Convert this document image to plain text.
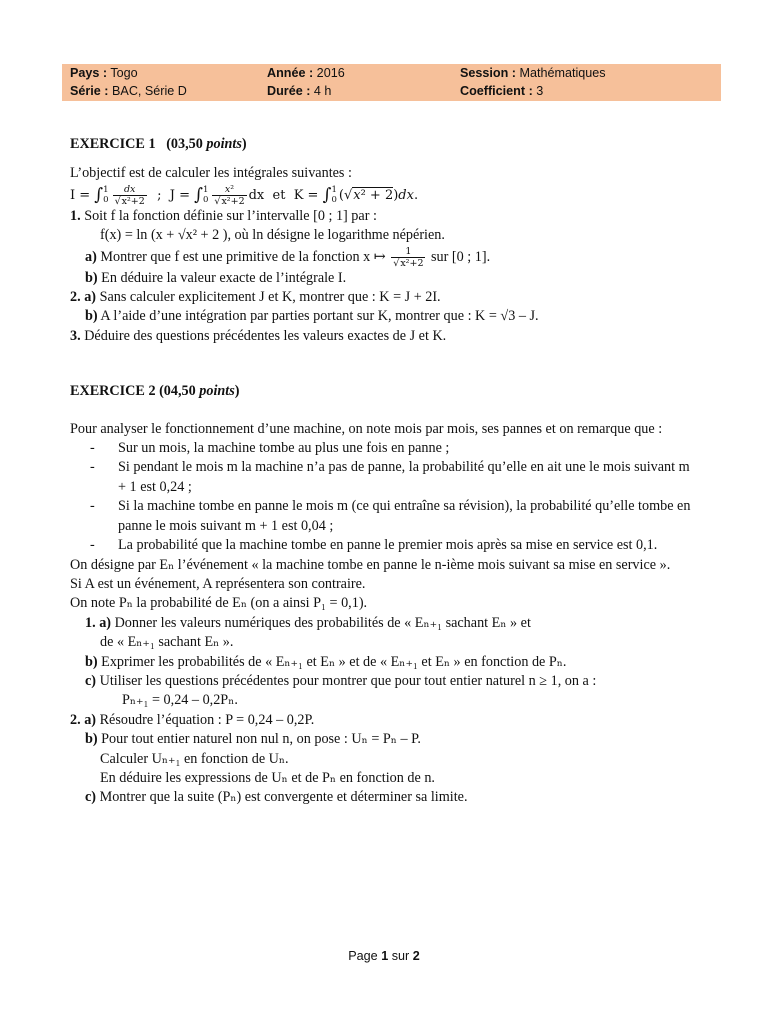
Pays : Togo	Année : 2016	Session : Mathématiques
Série : BAC, Série D	Durée : 4 h	Coefficient : 3

EXERCICE 1 (03,50 points)

L’objectif est de calculer les intégrales suivantes :

I = ∫ 1
$0 \frac{dx}{\text{√x²+2}}$ ;  J = ∫ 1
$0 \frac{\text{x²}}{\text{√x²+2}}$ dx  et  K = ∫ 1
0 (√x² + 2)dx.

1. Soit f la fonction définie sur l’intervalle [0 ; 1] par :

f(x) = ln (x + √x² + 2 ), où ln désigne le logarithme népérien.

a) Montrer que f est une primitive de la fonction x ↦ $\frac{1}{\text{√x²+2}}$ sur [0 ; 1].

b) En déduire la valeur exacte de l’intégrale I.

2. a) Sans calculer explicitement J et K, montrer que : K = J + 2I.

b) A l’aide d’une intégration par parties portant sur K, montrer que : K = √3 – J.

3. Déduire des questions précédentes les valeurs exactes de J et K.

EXERCICE 2 (04,50 points)

Pour analyser le fonctionnement d’une machine, on note mois par mois, ses pannes et on remarque que :

- Sur un mois, la machine tombe au plus une fois en panne ;
- Si pendant le mois m la machine n’a pas de panne, la probabilité qu’elle en ait une le mois suivant m + 1 est 0,24 ;
- Si la machine tombe en panne le mois m (ce qui entraîne sa révision), la probabilité qu’elle tombe en panne le mois suivant m + 1 est 0,04 ;
- La probabilité que la machine tombe en panne le premier mois après sa mise en service est 0,1.

On désigne par Eₙ l’événement « la machine tombe en panne le n-ième mois suivant sa mise en service ».

Si A est un événement, A représentera son contraire.

On note Pₙ la probabilité de Eₙ (on a ainsi P₁ = 0,1).

1. a) Donner les valeurs numériques des probabilités de « Eₙ₊₁ sachant Eₙ » et

de « Eₙ₊₁ sachant Eₙ ».

b) Exprimer les probabilités de « Eₙ₊₁ et Eₙ » et de « Eₙ₊₁ et Eₙ » en fonction de Pₙ.

c) Utiliser les questions précédentes pour montrer que pour tout entier naturel n ≥ 1, on a :

Pₙ₊₁ = 0,24 – 0,2Pₙ.

2. a) Résoudre l’équation : P = 0,24 – 0,2P.

b) Pour tout entier naturel non nul n, on pose : Uₙ = Pₙ – P.

Calculer Uₙ₊₁ en fonction de Uₙ.

En déduire les expressions de Uₙ et de Pₙ en fonction de n.

c) Montrer que la suite (Pₙ) est convergente et déterminer sa limite.

Page 1 sur 2
